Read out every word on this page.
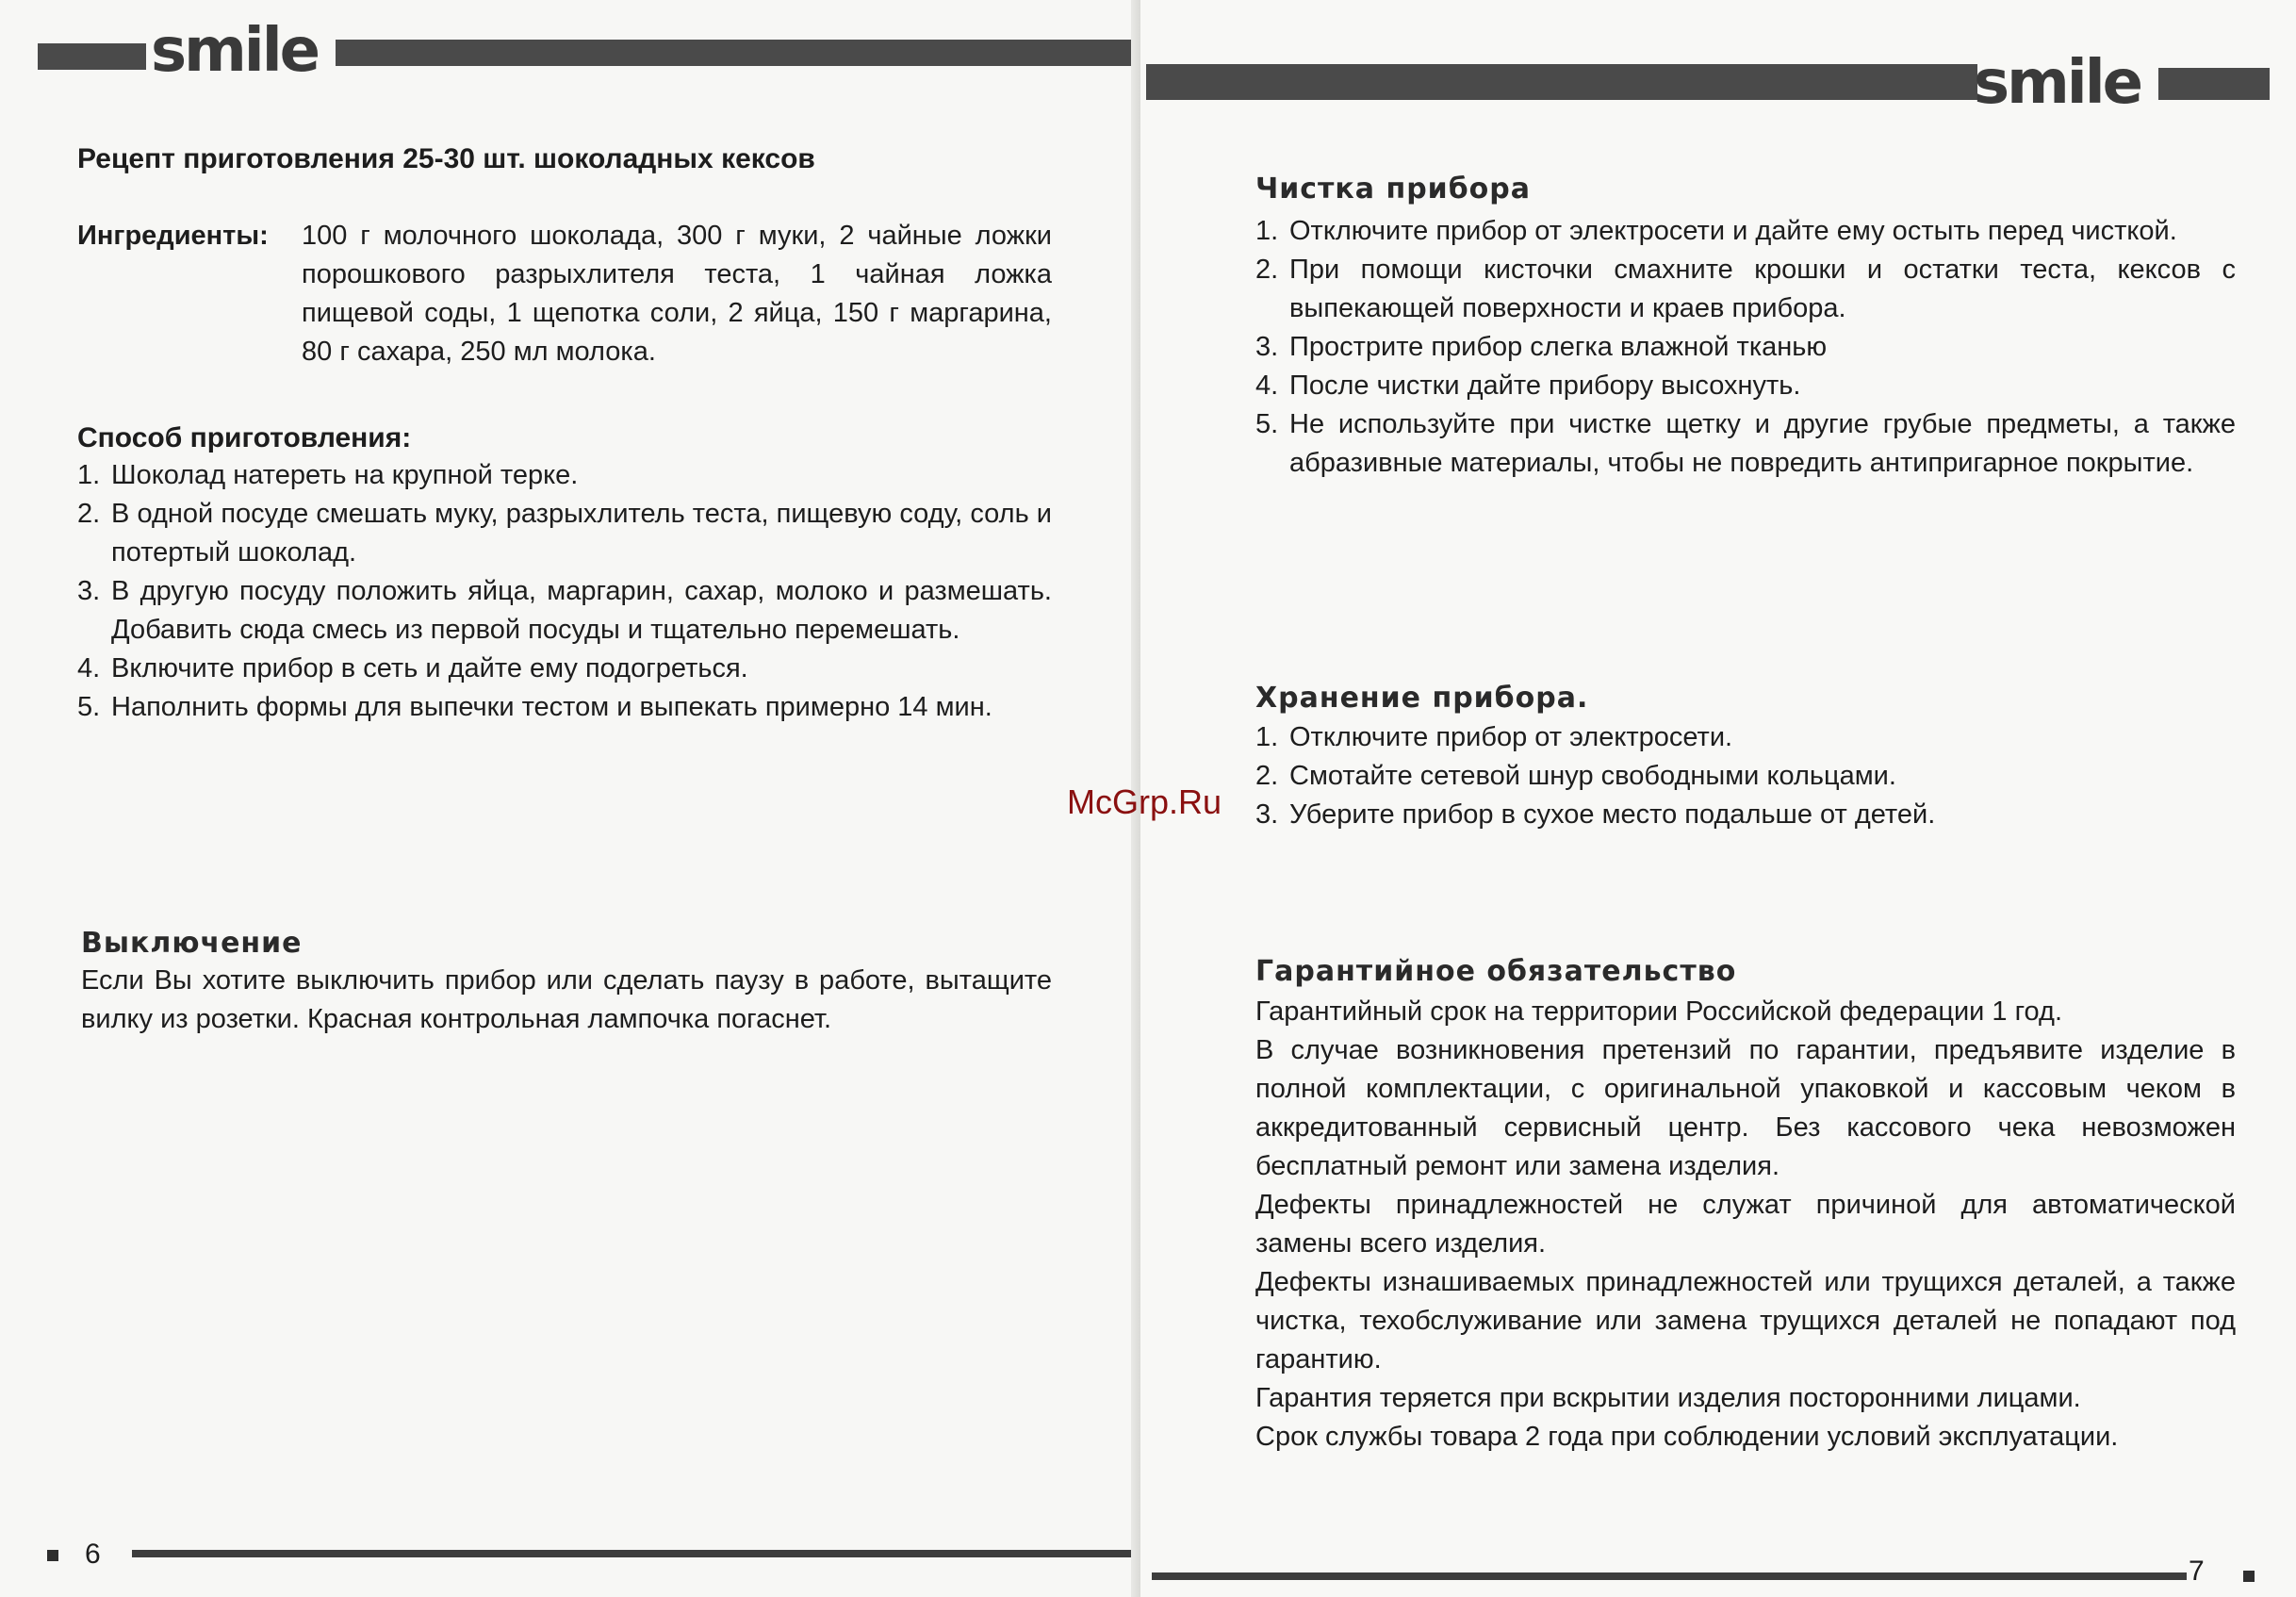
smile
Рецепт приготовления 25-30 шт. шоколадных кексов
Ингредиенты: 100 г молочного шоколада, 300 г муки, 2 чайные ложки порошкового разрыхлителя теста, 1 чайная ложка пищевой соды, 1 щепотка соли, 2 яйца, 150 г маргарина, 80 г сахара, 250 мл молока.
Способ приготовления:
1. Шоколад натереть на крупной терке.
2. В одной посуде смешать муку, разрыхлитель теста, пищевую соду, соль и потертый шоколад.
3. В другую посуду положить яйца, маргарин, сахар, молоко и размешать. Добавить сюда смесь из первой посуды и тщательно перемешать.
4. Включите прибор в сеть и дайте ему подогреться.
5. Наполнить формы для выпечки тестом и выпекать примерно 14 мин.
Выключение
Если Вы хотите выключить прибор или сделать паузу в работе, вытащите вилку из розетки. Красная контрольная лампочка погаснет.
6
smile
Чистка прибора
1. Отключите прибор от электросети и дайте ему остыть перед чисткой.
2. При помощи кисточки смахните крошки и остатки теста, кексов с выпекающей поверхности и краев прибора.
3. Прострите прибор слегка влажной тканью
4. После чистки дайте прибору высохнуть.
5. Не используйте при чистке щетку и другие грубые предметы, а также абразивные материалы, чтобы не повредить антипригарное покрытие.
Хранение прибора.
1. Отключите прибор от электросети.
2. Смотайте сетевой шнур свободными кольцами.
3. Уберите прибор в сухое место подальше от детей.
Гарантийное обязательство
Гарантийный срок на территории Российской федерации 1 год.
В случае возникновения претензий по гарантии, предъявите изделие в полной комплектации, с оригинальной упаковкой и кассовым чеком в аккредитованный сервисный центр. Без кассового чека невозможен бесплатный ремонт или замена изделия.
Дефекты принадлежностей не служат причиной для автоматической замены всего изделия.
Дефекты изнашиваемых принадлежностей или трущихся деталей, а также чистка, техобслуживание или замена трущихся деталей не попадают под гарантию.
Гарантия теряется при вскрытии изделия посторонними лицами.
Срок службы товара 2 года при соблюдении условий эксплуатации.
7
McGrp.Ru
